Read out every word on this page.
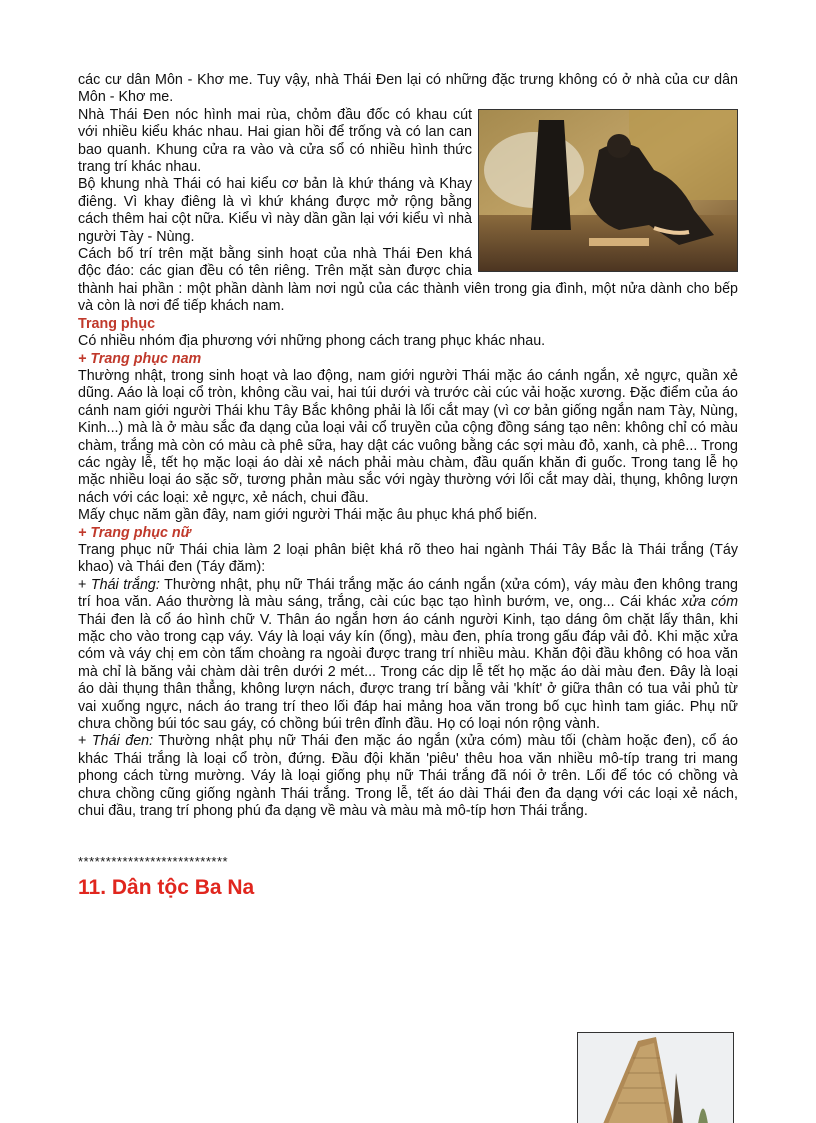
các cư dân Môn - Khơ me. Tuy vậy, nhà Thái Đen lại có những đặc trưng không có ở nhà của cư dân Môn - Khơ me.

Nhà Thái Đen nóc hình mai rùa, chỏm đầu đốc có khau cút với nhiều kiểu khác nhau. Hai gian hồi để trống và có lan can bao quanh. Khung cửa ra vào và cửa sổ có nhiều hình thức trang trí khác nhau.

Bộ khung nhà Thái có hai kiểu cơ bản là khứ tháng và Khay điêng. Vì khay điêng là vì khứ kháng được mở rộng bằng cách thêm hai cột nữa. Kiểu vì này dần gần lại với kiểu vì nhà người Tày - Nùng.

Cách bố trí trên mặt bằng sinh hoạt của nhà Thái Đen khá độc đáo: các gian đều có tên riêng. Trên mặt sàn được chia thành hai phần : một phần dành làm nơi ngủ của các thành viên trong gia đình, một nửa dành cho bếp và còn là nơi để tiếp khách nam.

Trang phục

Có nhiều nhóm địa phương với những phong cách trang phục khác nhau.

+ Trang phục nam

Thường nhật, trong sinh hoạt và lao động, nam giới người Thái mặc áo cánh ngắn, xẻ ngực, quần xẻ dũng. Aáo là loại cổ tròn, không cầu vai, hai túi dưới và trước cài cúc vải hoặc xương. Đặc điểm của áo cánh nam giới người Thái khu Tây Bắc không phải là lối cắt may (vì cơ bản giống ngắn nam Tày, Nùng, Kinh...) mà là ở màu sắc đa dạng của loại vải cổ truyền của cộng đồng sáng tạo nên: không chỉ có màu chàm, trắng mà còn có màu cà phê sữa, hay dật các vuông bằng các sợi màu đỏ, xanh, cà phê... Trong các ngày lễ, tết họ mặc loại áo dài xẻ nách phải màu chàm, đầu quấn khăn đi guốc. Trong tang lễ họ mặc nhiều loại áo sặc sỡ, tương phản màu sắc với ngày thường với lối cắt may dài, thụng, không lượn nách với các loại: xẻ ngực, xẻ nách, chui đầu.

Mấy chục năm gần đây, nam giới người Thái mặc âu phục khá phổ biến.

+ Trang phục nữ

Trang phục nữ Thái chia làm 2 loại phân biệt khá rõ theo hai ngành Thái Tây Bắc là Thái trắng (Táy khao) và Thái đen (Táy đăm):

+ Thái trắng: Thường nhật, phụ nữ Thái trắng mặc áo cánh ngắn (xửa cóm), váy màu đen không trang trí hoa văn. Aáo thường là màu sáng, trắng, cài cúc bạc tạo hình bướm, ve, ong... Cái khác xửa cóm Thái đen là cổ áo hình chữ V. Thân áo ngắn hơn áo cánh người Kinh, tạo dáng ôm chặt lấy thân, khi mặc cho vào trong cạp váy. Váy là loại váy kín (ống), màu đen, phía trong gấu đáp vải đỏ. Khi mặc xửa cóm và váy chị em còn tấm choàng ra ngoài được trang trí nhiều màu. Khăn đội đầu không có hoa văn mà chỉ là băng vải chàm dài trên dưới 2 mét... Trong các dịp lễ tết họ mặc áo dài màu đen. Đây là loại áo dài thụng thân thẳng, không lượn nách, được trang trí bằng vải 'khít' ở giữa thân có tua vải phủ từ vai xuống ngực, nách áo trang trí theo lối đáp hai mảng hoa văn trong bố cục hình tam giác. Phụ nữ chưa chồng búi tóc sau gáy, có chồng búi trên đỉnh đầu. Họ có loại nón rộng vành.

+ Thái đen: Thường nhật phụ nữ Thái đen mặc áo ngắn (xửa cóm) màu tối (chàm hoặc đen), cổ áo khác Thái trắng là loại cổ tròn, đứng. Đầu đội khăn 'piêu' thêu hoa văn nhiều mô-típ trang tri mang phong cách từng mường. Váy là loại giống phụ nữ Thái trắng đã nói ở trên. Lối để tóc có chồng và chưa chồng cũng giống ngành Thái trắng. Trong lễ, tết áo dài Thái đen đa dạng với các loại xẻ nách, chui đầu, trang trí phong phú đa dạng về màu và màu mà mô-típ hơn Thái trắng.

***************************

11. Dân tộc Ba Na
